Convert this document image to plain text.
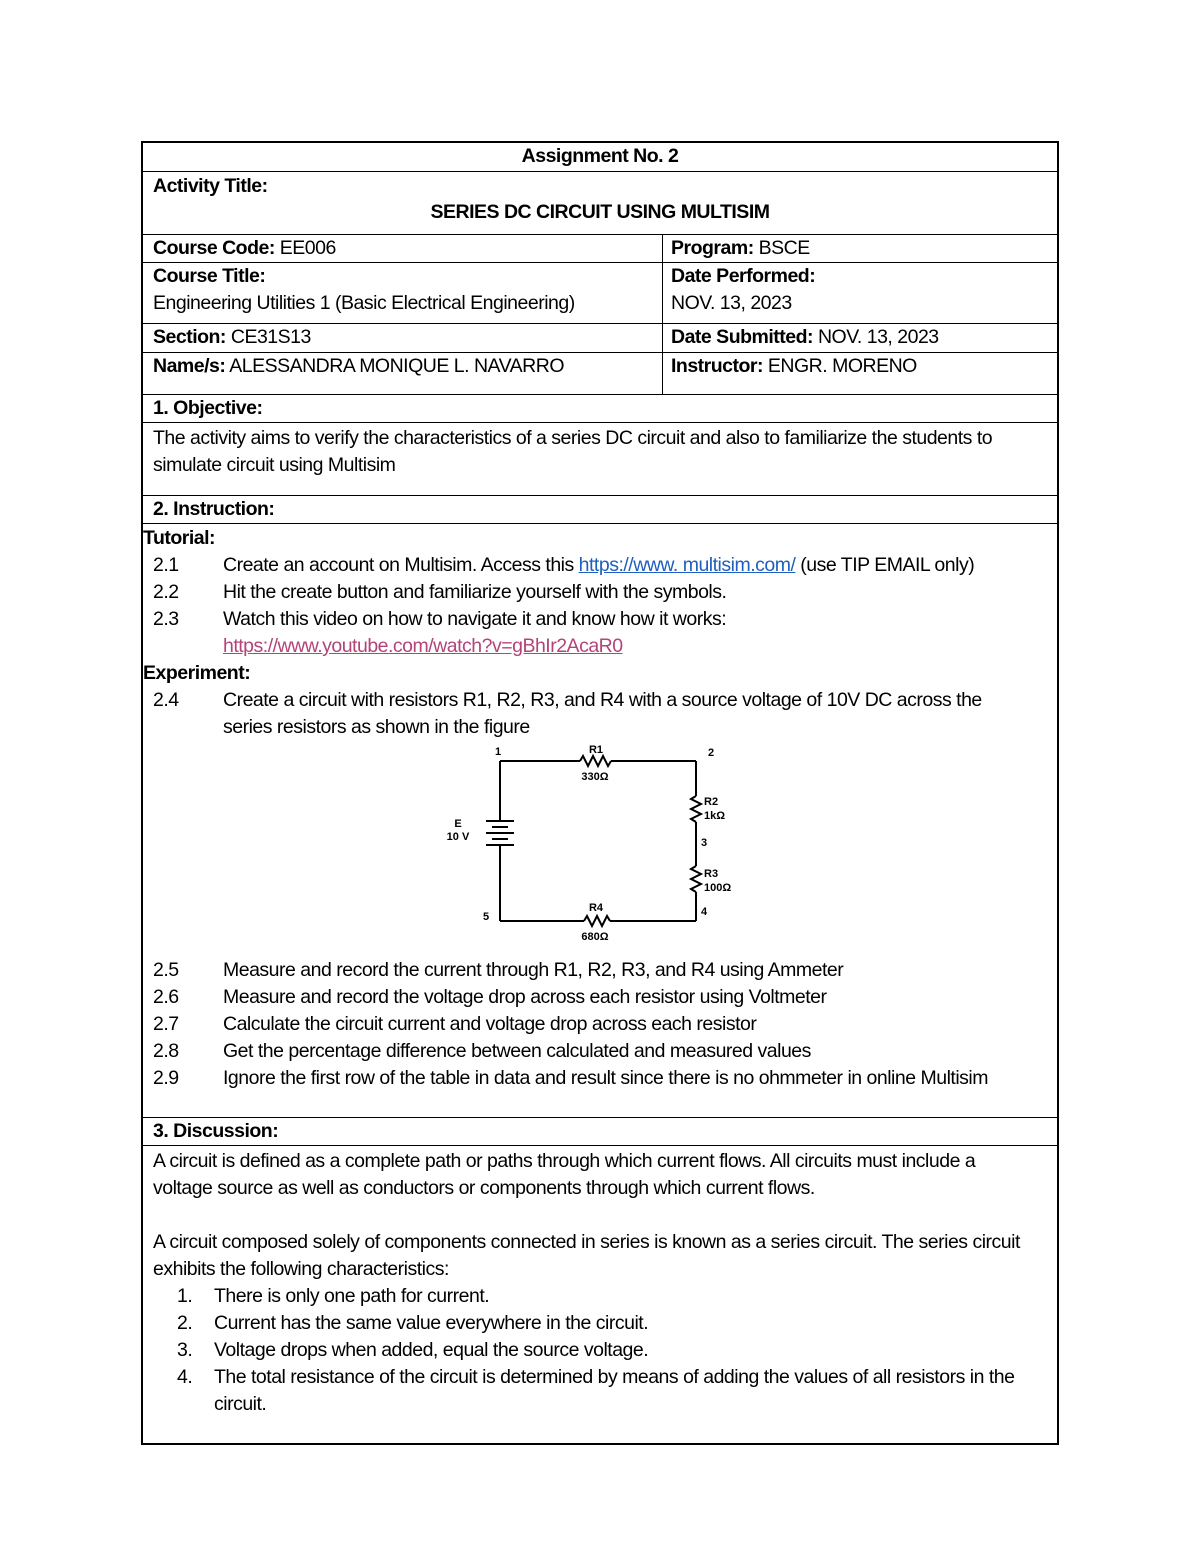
Assignment No. 2
Activity Title:
SERIES DC CIRCUIT USING MULTISIM
Course Code: EE006	Program: BSCE
Course Title:
Engineering Utilities 1 (Basic Electrical Engineering)
Date Performed:
NOV. 13, 2023
Section: CE31S13	Date Submitted: NOV. 13, 2023
Name/s: ALESSANDRA MONIQUE L. NAVARRO	Instructor: ENGR. MORENO
1. Objective:
The activity aims to verify the characteristics of a series DC circuit and also to familiarize the students to
simulate circuit using Multisim
2. Instruction:
Tutorial:
2.1 Create an account on Multisim. Access this https://www. multisim.com/ (use TIP EMAIL only)
2.2 Hit the create button and familiarize yourself with the symbols.
2.3 Watch this video on how to navigate it and know how it works:
https://www.youtube.com/watch?v=gBhIr2AcaR0
Experiment:
2.4 Create a circuit with resistors R1, R2, R3, and R4 with a source voltage of 10V DC across the
series resistors as shown in the figure
1	2
3
4
5
R1
330Ω
R2
1kΩ
R3
100Ω
R4
680Ω
E
10 V
2.5 Measure and record the current through R1, R2, R3, and R4 using Ammeter
2.6 Measure and record the voltage drop across each resistor using Voltmeter
2.7 Calculate the circuit current and voltage drop across each resistor
2.8 Get the percentage difference between calculated and measured values
2.9 Ignore the first row of the table in data and result since there is no ohmmeter in online Multisim
3. Discussion:
A circuit is defined as a complete path or paths through which current flows. All circuits must include a
voltage source as well as conductors or components through which current flows.
A circuit composed solely of components connected in series is known as a series circuit. The series circuit
exhibits the following characteristics:
1. There is only one path for current.
2. Current has the same value everywhere in the circuit.
3. Voltage drops when added, equal the source voltage.
4. The total resistance of the circuit is determined by means of adding the values of all resistors in the
circuit.
